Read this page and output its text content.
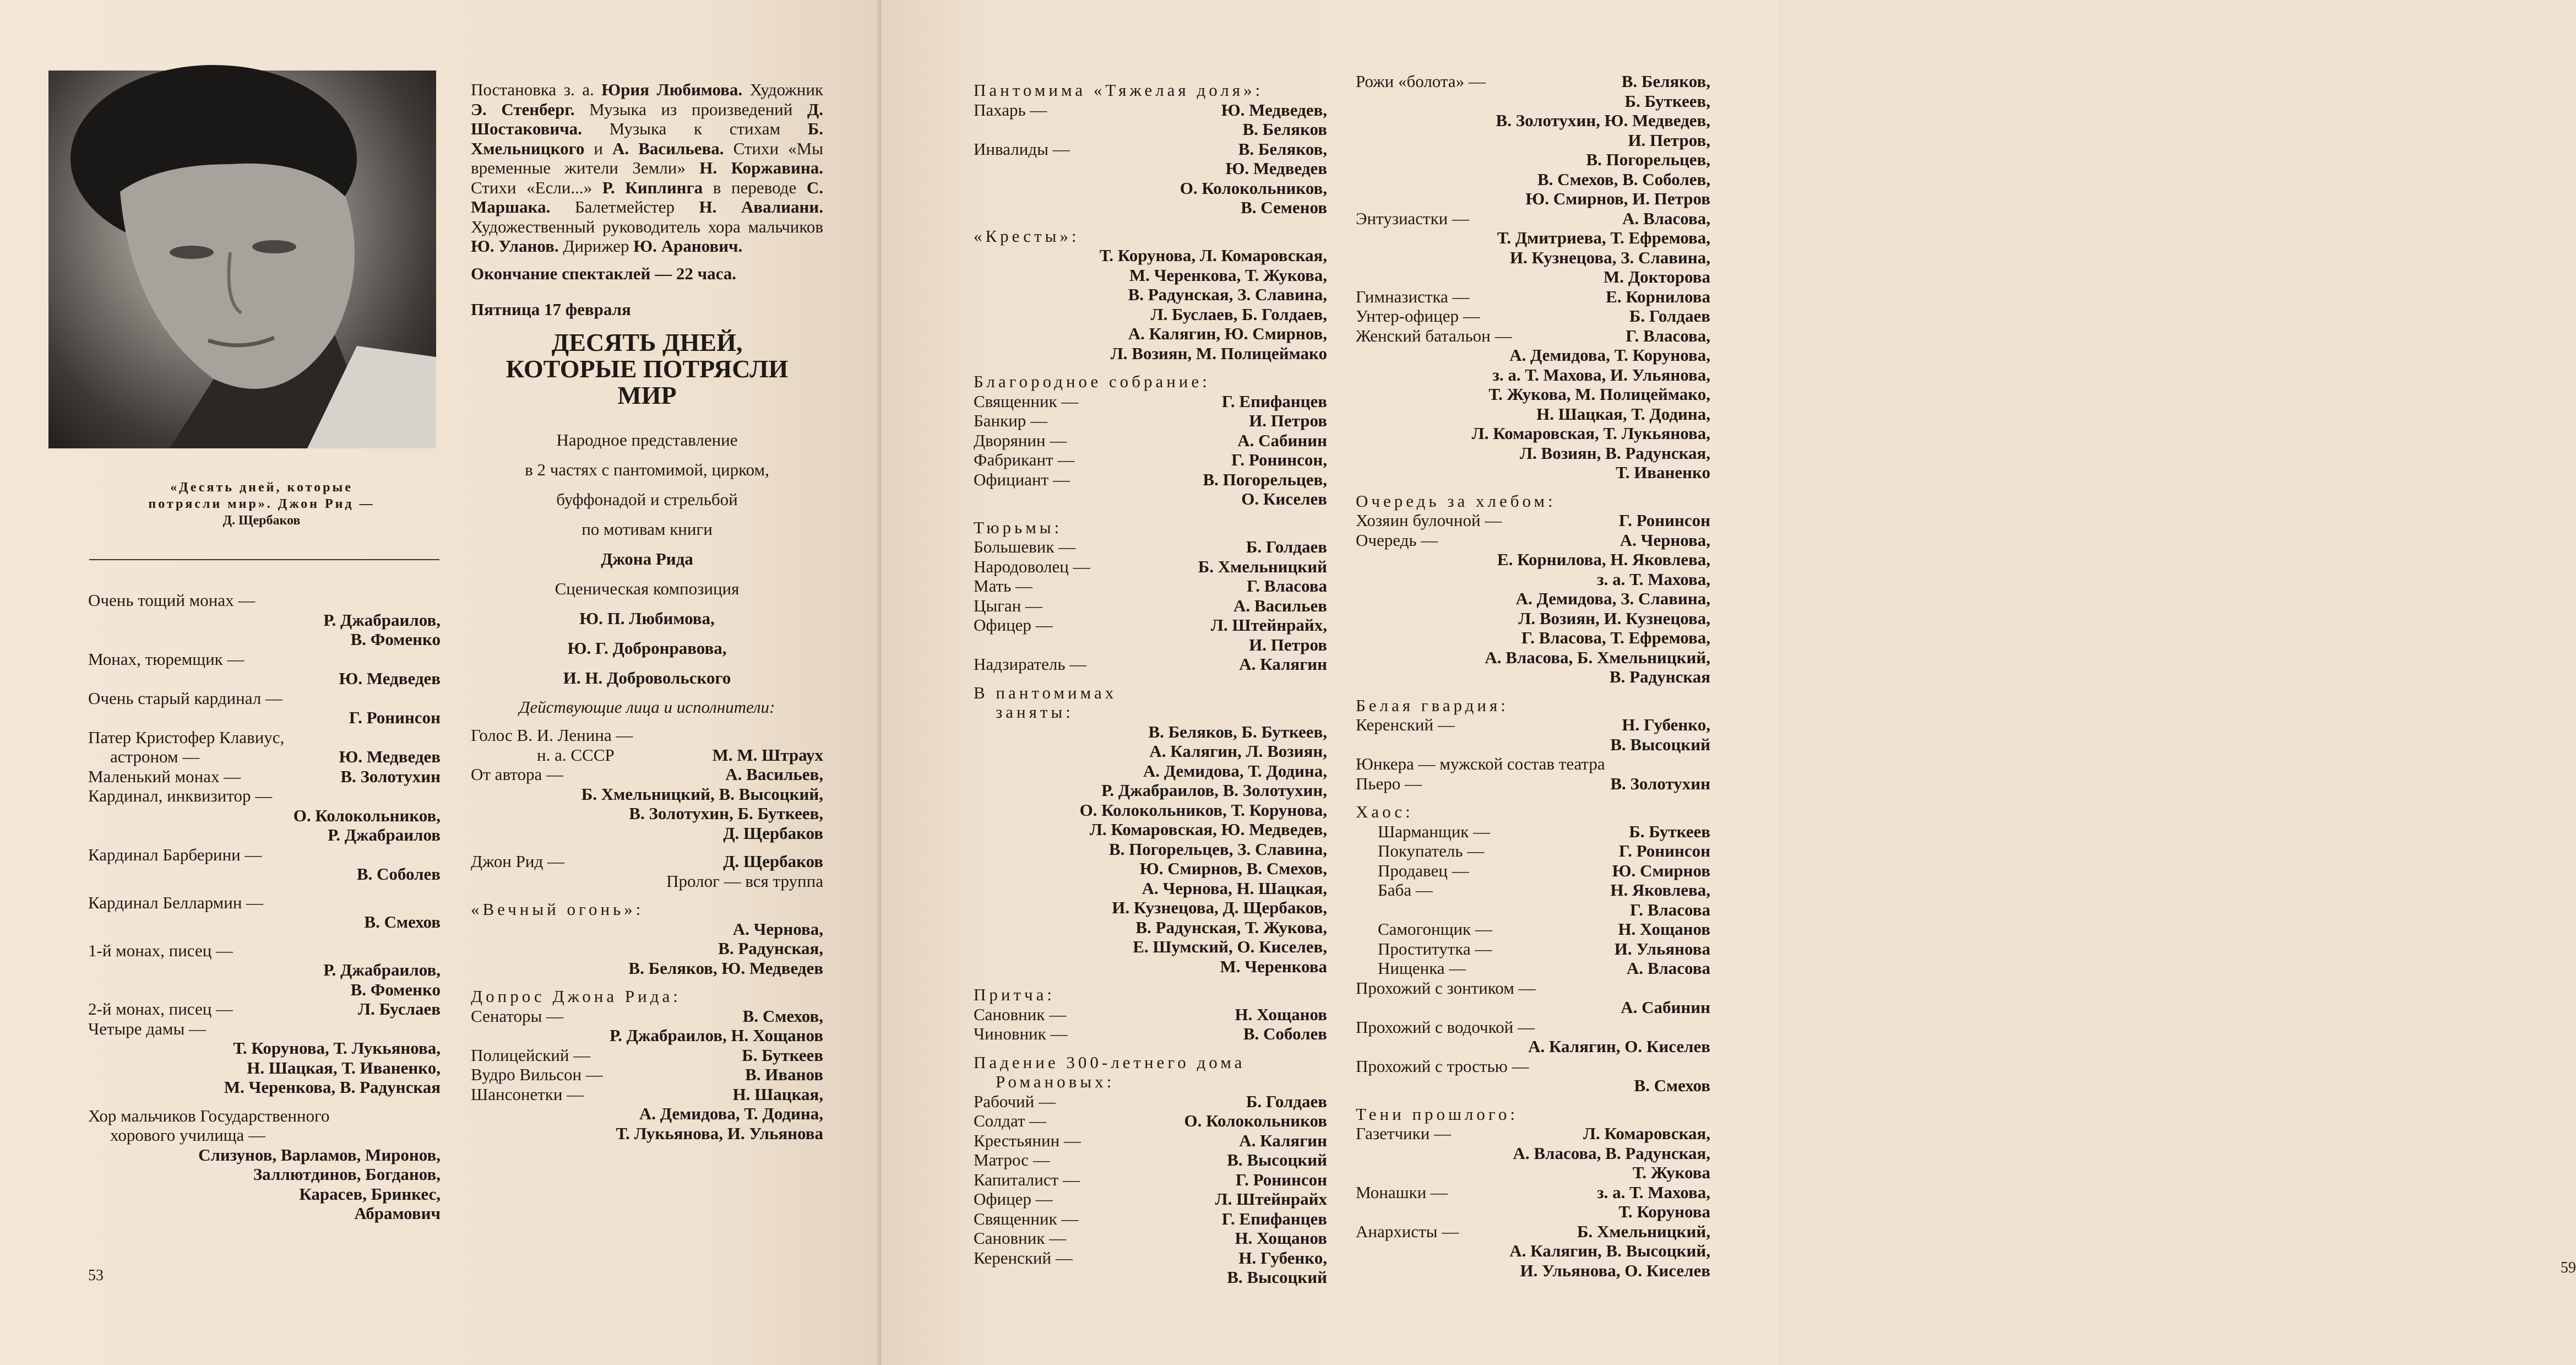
«Десять дней, которые
потрясли мир». Джон Рид —
Д. Щербаков
Очень тощий монах —
Р. Джабраилов,
В. Фоменко
Монах, тюремщик —
Ю. Медведев
Очень старый кардинал —
Г. Ронинсон
Патер Кристофер Клавиус,
астроном —	Ю. Медведев
Маленький монах —	В. Золотухин
Кардинал, инквизитор —
О. Колокольников,
Р. Джабраилов
Кардинал Барберини —
В. Соболев
Кардинал Беллармин —
В. Смехов
1-й монах, писец —
Р. Джабраилов,
В. Фоменко
2-й монах, писец —	Л. Буслаев
Четыре дамы —
Т. Корунова, Т. Лукьянова,
Н. Шацкая, Т. Иваненко,
М. Черенкова, В. Радунская
Хор мальчиков Государственного
хорового училища —
Слизунов, Варламов, Миронов,
Заллютдинов, Богданов,
Карасев, Бринкес,
Абрамович
Постановка з. а. Юрия Любимова. Художник Э. Стенберг. Музыка из произведений Д. Шостаковича. Музыка к стихам Б. Хмельницкого и А. Васильева. Стихи «Мы временные жители Земли» Н. Коржавина. Стихи «Если...» Р. Киплинга в переводе С. Маршака. Балетмейстер Н. Авалиани. Художественный руководитель хора мальчиков Ю. Уланов. Дирижер Ю. Аранович.
Окончание спектаклей — 22 часа.
Пятница 17 февраля
ДЕСЯТЬ ДНЕЙ,
КОТОРЫЕ ПОТРЯСЛИ
МИР
Народное представление
в 2 частях с пантомимой, цирком,
буффонадой и стрельбой
по мотивам книги
Джона Рида
Сценическая композиция
Ю. П. Любимова,
Ю. Г. Добронравова,
И. Н. Добровольского
Действующие лица и исполнители:
Голос В. И. Ленина —
н. а. СССР	М. М. Штраух
От автора —	А. Васильев,
Б. Хмельницкий, В. Высоцкий,
В. Золотухин, Б. Буткеев,
Д. Щербаков
Джон Рид —	Д. Щербаков
Пролог — вся труппа
«Вечный огонь»:
А. Чернова,
В. Радунская,
В. Беляков, Ю. Медведев
Допрос Джона Рида:
Сенаторы —	В. Смехов,
Р. Джабраилов, Н. Хощанов
Полицейский —	Б. Буткеев
Вудро Вильсон —	В. Иванов
Шансонетки —	Н. Шацкая,
А. Демидова, Т. Додина,
Т. Лукьянова, И. Ульянова
53	59
Пантомима «Тяжелая доля»:
Пахарь —	Ю. Медведев,
В. Беляков
Инвалиды —	В. Беляков,
Ю. Медведев
О. Колокольников,
В. Семенов
«Кресты»:
Т. Корунова, Л. Комаровская,
М. Черенкова, Т. Жукова,
В. Радунская, З. Славина,
Л. Буслаев, Б. Голдаев,
А. Калягин, Ю. Смирнов,
Л. Возиян, М. Полицеймако
Благородное собрание:
Священник —	Г. Епифанцев
Банкир —	И. Петров
Дворянин —	А. Сабинин
Фабрикант —	Г. Ронинсон,
Официант —	В. Погорельцев,
О. Киселев
Тюрьмы:
Большевик —	Б. Голдаев
Народоволец —	Б. Хмельницкий
Мать —	Г. Власова
Цыган —	А. Васильев
Офицер —	Л. Штейнрайх,
И. Петров
Надзиратель —	А. Калягин
В пантомимах
заняты:
В. Беляков, Б. Буткеев,
А. Калягин, Л. Возиян,
А. Демидова, Т. Додина,
Р. Джабраилов, В. Золотухин,
О. Колокольников, Т. Корунова,
Л. Комаровская, Ю. Медведев,
В. Погорельцев, З. Славина,
Ю. Смирнов, В. Смехов,
А. Чернова, Н. Шацкая,
И. Кузнецова, Д. Щербаков,
В. Радунская, Т. Жукова,
Е. Шумский, О. Киселев,
М. Черенкова
Притча:
Сановник —	Н. Хощанов
Чиновник —	В. Соболев
Падение 300-летнего дома
Романовых:
Рабочий —	Б. Голдаев
Солдат —	О. Колокольников
Крестьянин —	А. Калягин
Матрос —	В. Высоцкий
Капиталист —	Г. Ронинсон
Офицер —	Л. Штейнрайх
Священник —	Г. Епифанцев
Сановник —	Н. Хощанов
Керенский —	Н. Губенко,
В. Высоцкий
Рожи «болота» —	В. Беляков,
Б. Буткеев,
В. Золотухин, Ю. Медведев,
И. Петров,
В. Погорельцев,
В. Смехов, В. Соболев,
Ю. Смирнов, И. Петров
Энтузиастки —	А. Власова,
Т. Дмитриева, Т. Ефремова,
И. Кузнецова, З. Славина,
М. Докторова
Гимназистка —	Е. Корнилова
Унтер-офицер —	Б. Голдаев
Женский батальон —	Г. Власова,
А. Демидова, Т. Корунова,
з. а. Т. Махова, И. Ульянова,
Т. Жукова, М. Полицеймако,
Н. Шацкая, Т. Додина,
Л. Комаровская, Т. Лукьянова,
Л. Возиян, В. Радунская,
Т. Иваненко
Очередь за хлебом:
Хозяин булочной —	Г. Ронинсон
Очередь —	А. Чернова,
Е. Корнилова, Н. Яковлева,
з. а. Т. Махова,
А. Демидова, З. Славина,
Л. Возиян, И. Кузнецова,
Г. Власова, Т. Ефремова,
А. Власова, Б. Хмельницкий,
В. Радунская
Белая гвардия:
Керенский —	Н. Губенко,
В. Высоцкий
Юнкера — мужской состав театра
Пьеро —	В. Золотухин
Хаос:
Шарманщик —	Б. Буткеев
Покупатель —	Г. Ронинсон
Продавец —	Ю. Смирнов
Баба —	Н. Яковлева,
Г. Власова
Самогонщик —	Н. Хощанов
Проститутка —	И. Ульянова
Нищенка —	А. Власова
Прохожий с зонтиком —
А. Сабинин
Прохожий с водочкой —
А. Калягин, О. Киселев
Прохожий с тростью —
В. Смехов
Тени прошлого:
Газетчики —	Л. Комаровская,
А. Власова, В. Радунская,
Т. Жукова
Монашки —	з. а. Т. Махова,
Т. Корунова
Анархисты —	Б. Хмельницкий,
А. Калягин, В. Высоцкий,
И. Ульянова, О. Киселев
